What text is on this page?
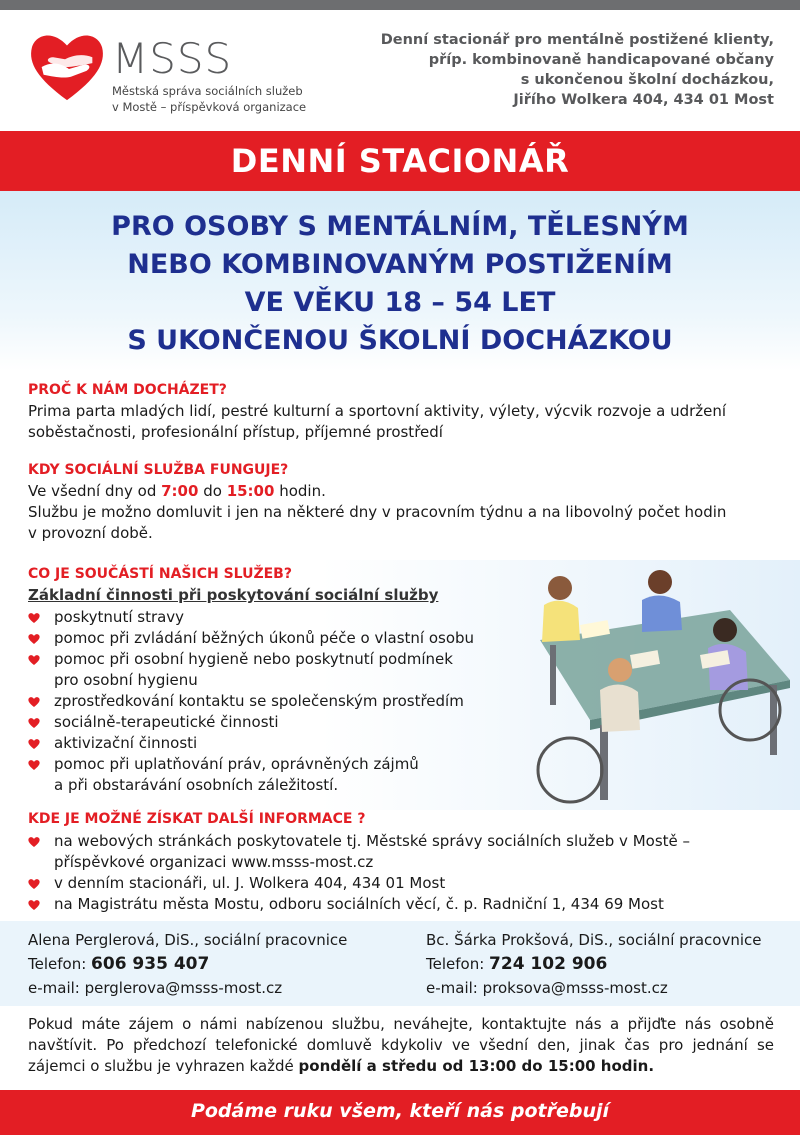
MSSS
Městská správa sociálních služeb
v Mostě – příspěvková organizace
Denní stacionář pro mentálně postižené klienty,
příp. kombinovaně handicapované občany
s ukončenou školní docházkou,
Jiřího Wolkera 404, 434 01 Most
DENNÍ STACIONÁŘ
PRO OSOBY S MENTÁLNÍM, TĚLESNÝM
NEBO KOMBINOVANÝM POSTIŽENÍM
VE VĚKU 18 – 54 LET
S UKONČENOU ŠKOLNÍ DOCHÁZKOU
PROČ K NÁM DOCHÁZET?
Prima parta mladých lidí, pestré kulturní a sportovní aktivity, výlety, výcvik rozvoje a udržení
soběstačnosti, profesionální přístup, příjemné prostředí
KDY SOCIÁLNÍ SLUŽBA FUNGUJE?
Ve všední dny od 7:00 do 15:00 hodin.
Službu je možno domluvit i jen na některé dny v pracovním týdnu a na libovolný počet hodin
v provozní době.
CO JE SOUČÁSTÍ NAŠICH SLUŽEB?
Základní činnosti při poskytování sociální služby
poskytnutí stravy
pomoc při zvládání běžných úkonů péče o vlastní osobu
pomoc při osobní hygieně nebo poskytnutí podmínek
pro osobní hygienu
zprostředkování kontaktu se společenským prostředím
sociálně-terapeutické činnosti
aktivizační činnosti
pomoc při uplatňování práv, oprávněných zájmů
a při obstarávání osobních záležitostí.
KDE JE MOŽNÉ ZÍSKAT DALŠÍ INFORMACE ?
na webových stránkách poskytovatele tj. Městské správy sociálních služeb v Mostě –
příspěvkové organizaci www.msss-most.cz
v denním stacionáři, ul. J. Wolkera 404, 434 01 Most
na Magistrátu města Mostu, odboru sociálních věcí, č. p. Radniční 1, 434 69 Most
Alena Perglerová, DiS., sociální pracovnice
Telefon: 606 935 407
e-mail: perglerova@msss-most.cz
Bc. Šárka Prokšová, DiS., sociální pracovnice
Telefon: 724 102 906
e-mail: proksova@msss-most.cz
Pokud máte zájem o námi nabízenou službu, neváhejte, kontaktujte nás a přijďte nás osobně navštívit. Po předchozí telefonické domluvě kdykoliv ve všední den, jinak čas pro jednání se zájemci o službu je vyhrazen každé pondělí a středu od 13:00 do 15:00 hodin.

Podáme ruku všem, kteří nás potřebují
